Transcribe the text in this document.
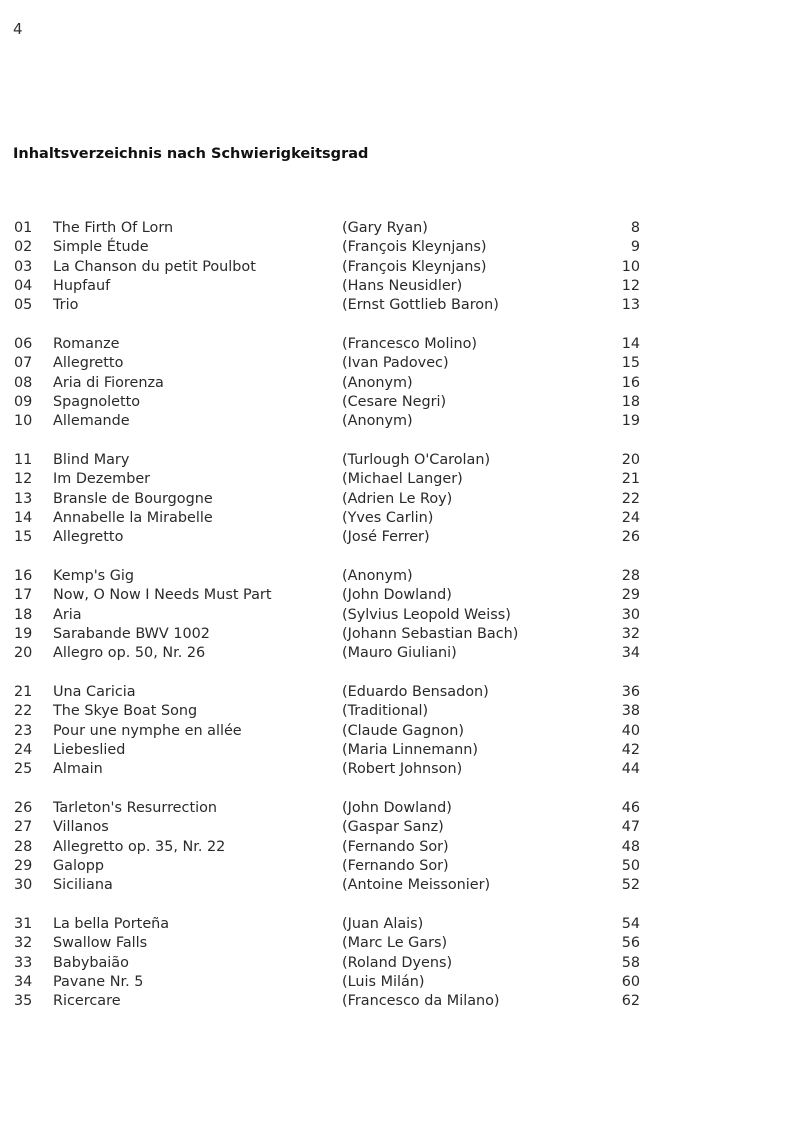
4
Inhaltsverzeichnis nach Schwierigkeitsgrad
01 The Firth Of Lorn	(Gary Ryan)	8
02 Simple Étude	(François Kleynjans)	9
03 La Chanson du petit Poulbot	(François Kleynjans)	10
04 Hupfauf	(Hans Neusidler)	12
05 Trio	(Ernst Gottlieb Baron)	13
06 Romanze	(Francesco Molino)	14
07 Allegretto	(Ivan Padovec)	15
08 Aria di Fiorenza	(Anonym)	16
09 Spagnoletto	(Cesare Negri)	18
10 Allemande	(Anonym)	19
11 Blind Mary	(Turlough O'Carolan)	20
12 Im Dezember	(Michael Langer)	21
13 Bransle de Bourgogne	(Adrien Le Roy)	22
14 Annabelle la Mirabelle	(Yves Carlin)	24
15 Allegretto	(José Ferrer)	26
16 Kemp's Gig	(Anonym)	28
17 Now, O Now I Needs Must Part	(John Dowland)	29
18 Aria	(Sylvius Leopold Weiss)	30
19 Sarabande BWV 1002	(Johann Sebastian Bach)	32
20 Allegro op. 50, Nr. 26	(Mauro Giuliani)	34
21 Una Caricia	(Eduardo Bensadon)	36
22 The Skye Boat Song	(Traditional)	38
23 Pour une nymphe en allée	(Claude Gagnon)	40
24 Liebeslied	(Maria Linnemann)	42
25 Almain	(Robert Johnson)	44
26 Tarleton's Resurrection	(John Dowland)	46
27 Villanos	(Gaspar Sanz)	47
28 Allegretto op. 35, Nr. 22	(Fernando Sor)	48
29 Galopp	(Fernando Sor)	50
30 Siciliana	(Antoine Meissonier)	52
31 La bella Porteña	(Juan Alais)	54
32 Swallow Falls	(Marc Le Gars)	56
33 Babybaião	(Roland Dyens)	58
34 Pavane Nr. 5	(Luis Milán)	60
35 Ricercare	(Francesco da Milano)	62
